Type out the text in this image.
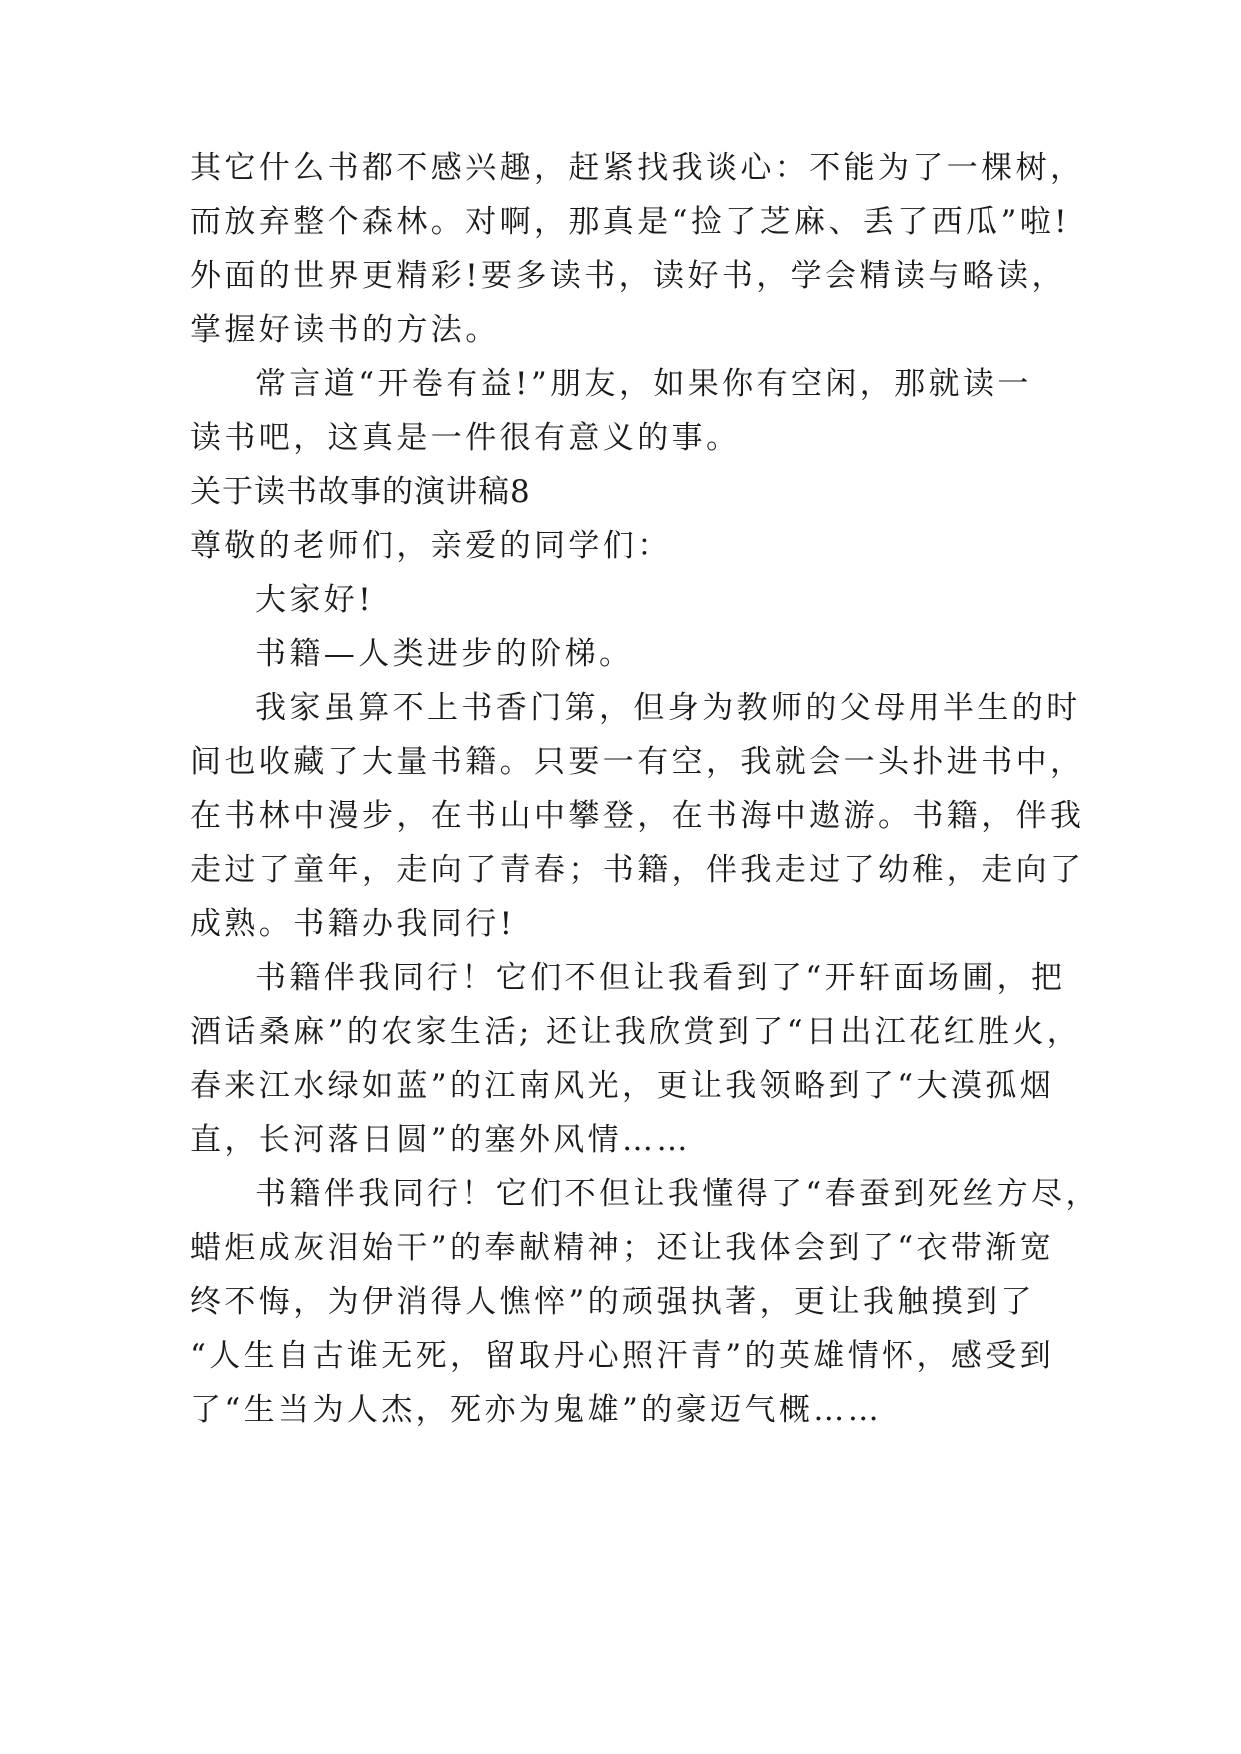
其它什么书都不感兴趣，赶紧找我谈心：不能为了一棵树，
而放弃整个森林。对啊，那真是“捡了芝麻、丢了西瓜”啦!
外面的世界更精彩!要多读书，读好书，学会精读与略读，
掌握好读书的方法。
常言道“开卷有益!”朋友，如果你有空闲，那就读一
读书吧，这真是一件很有意义的事。
关于读书故事的演讲稿8
尊敬的老师们，亲爱的同学们：
大家好!
书籍—人类进步的阶梯。
我家虽算不上书香门第，但身为教师的父母用半生的时
间也收藏了大量书籍。只要一有空，我就会一头扑进书中，
在书林中漫步，在书山中攀登，在书海中遨游。书籍，伴我
走过了童年，走向了青春；书籍，伴我走过了幼稚，走向了
成熟。书籍办我同行!
书籍伴我同行！它们不但让我看到了“开轩面场圃，把
酒话桑麻”的农家生活; 还让我欣赏到了“日出江花红胜火，
春来江水绿如蓝”的江南风光，更让我领略到了“大漠孤烟
直，长河落日圆”的塞外风情……
书籍伴我同行！它们不但让我懂得了“春蚕到死丝方尽，
蜡炬成灰泪始干”的奉献精神；还让我体会到了“衣带渐宽
终不悔，为伊消得人憔悴”的顽强执著，更让我触摸到了
“人生自古谁无死，留取丹心照汗青”的英雄情怀，感受到
了“生当为人杰，死亦为鬼雄”的豪迈气概……
